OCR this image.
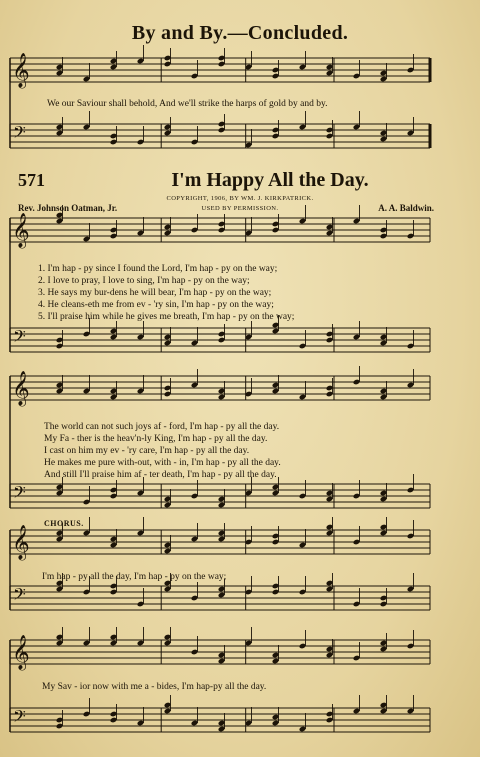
𝄞
𝄢
𝄞
𝄢
𝄞
𝄢
𝄞
𝄢
𝄞
𝄢
By and By.—Concluded.
We our Saviour shall behold, And we'll strike the harps of gold by and by.
571	I'm Happy All the Day.
COPYRIGHT, 1906, BY WM. J. KIRKPATRICK.
USED BY PERMISSION.
Rev. Johnson Oatman, Jr.	A. A. Baldwin.
1. I'm hap - py since I found the Lord, I'm hap - py on the way;
2. I love to pray, I love to sing, I'm hap - py on the way;
3. He says my bur-dens he will bear, I'm hap - py on the way;
4. He cleans-eth me from ev - 'ry sin, I'm hap - py on the way;
5. I'll praise him while he gives me breath, I'm hap - py on the way;
The world can not such joys af - ford, I'm hap - py all the day.
My Fa - ther is the heav'n-ly King, I'm hap - py all the day.
I cast on him my ev - 'ry care, I'm hap - py all the day.
He makes me pure with-out, with - in, I'm hap - py all the day.
And still I'll praise him af - ter death, I'm hap - py all the day.
CHORUS.
I'm hap - py all the day, I'm hap - py on the way;
My Sav - ior now with me a - bides, I'm hap-py all the day.
